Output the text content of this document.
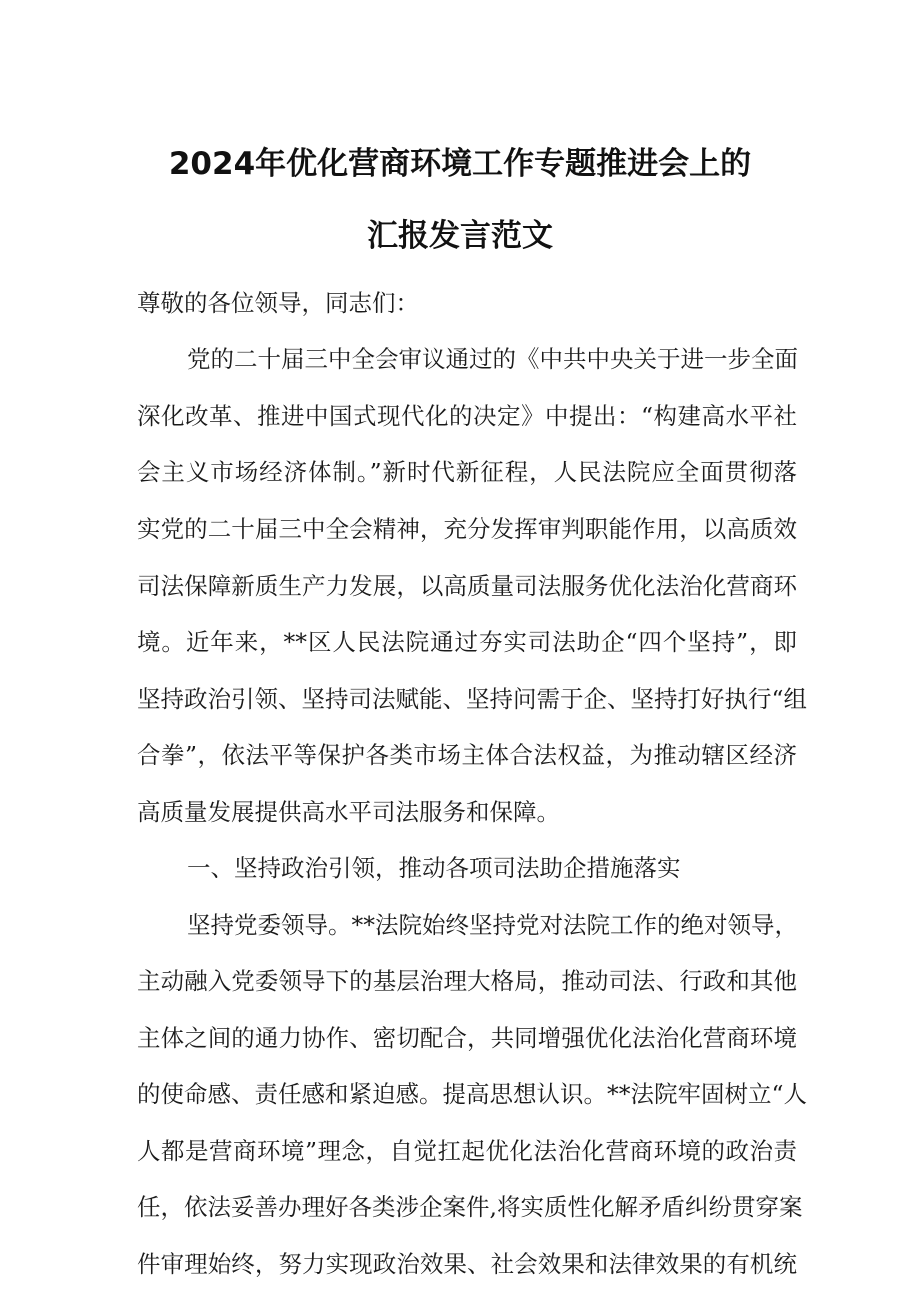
2024年优化营商环境工作专题推进会上的
汇报发言范文
尊敬的各位领导，同志们：
党的二十届三中全会审议通过的《中共中央关于进一步全面
深化改革、推进中国式现代化的决定》中提出：“构建高水平社
会主义市场经济体制。”新时代新征程，人民法院应全面贯彻落
实党的二十届三中全会精神，充分发挥审判职能作用，以高质效
司法保障新质生产力发展，以高质量司法服务优化法治化营商环
境。近年来，**区人民法院通过夯实司法助企“四个坚持”，即
坚持政治引领、坚持司法赋能、坚持问需于企、坚持打好执行“组
合拳”，依法平等保护各类市场主体合法权益，为推动辖区经济
高质量发展提供高水平司法服务和保障。
一、坚持政治引领，推动各项司法助企措施落实
坚持党委领导。**法院始终坚持党对法院工作的绝对领导，
主动融入党委领导下的基层治理大格局，推动司法、行政和其他
主体之间的通力协作、密切配合，共同增强优化法治化营商环境
的使命感、责任感和紧迫感。提高思想认识。**法院牢固树立“人
人都是营商环境”理念，自觉扛起优化法治化营商环境的政治责
任，依法妥善办理好各类涉企案件,将实质性化解矛盾纠纷贯穿案
件审理始终，努力实现政治效果、社会效果和法律效果的有机统
